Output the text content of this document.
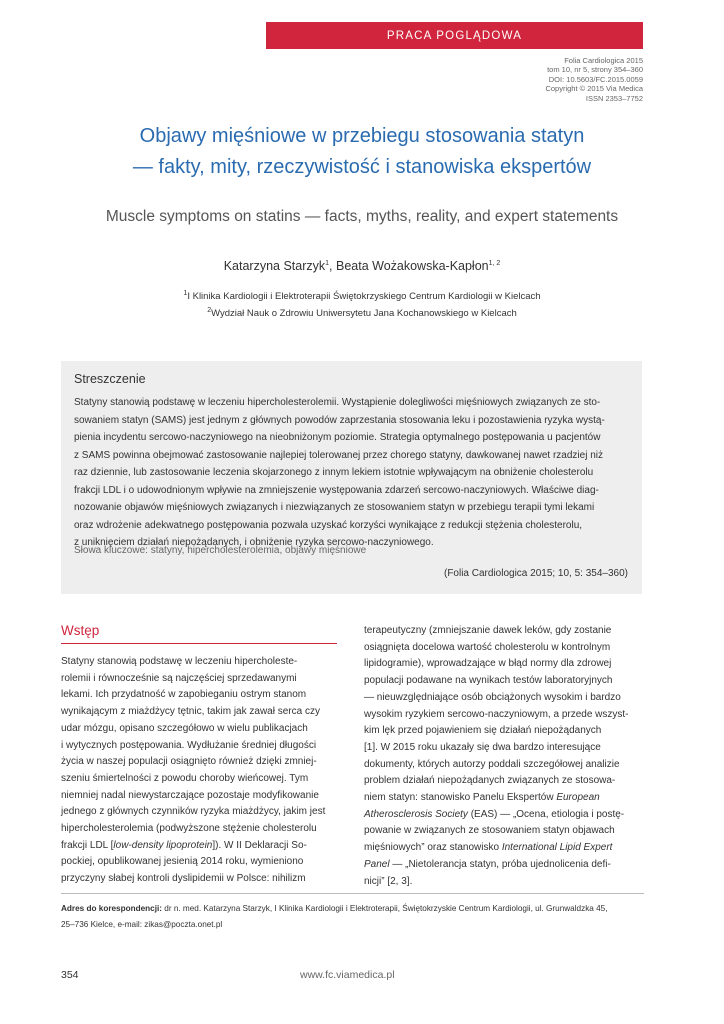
PRACA POGLĄDOWA
Folia Cardiologica 2015
tom 10, nr 5, strony 354–360
DOI: 10.5603/FC.2015.0059
Copyright © 2015 Via Medica
ISSN 2353–7752
Objawy mięśniowe w przebiegu stosowania statyn
— fakty, mity, rzeczywistość i stanowiska ekspertów
Muscle symptoms on statins — facts, myths, reality, and expert statements
Katarzyna Starzyk$^1$, Beata Wożakowska-Kapłon$^{1, 2}$
$^1$I Klinika Kardiologii i Elektroterapii Świętokrzyskiego Centrum Kardiologii w Kielcach
$^2$Wydział Nauk o Zdrowiu Uniwersytetu Jana Kochanowskiego w Kielcach
Streszczenie
Statyny stanowią podstawę w leczeniu hipercholesterolemii. Wystąpienie dolegliwości mięśniowych związanych ze sto-
sowaniem statyn (SAMS) jest jednym z głównych powodów zaprzestania stosowania leku i pozostawienia ryzyka wystą-
pienia incydentu sercowo-naczyniowego na nieobniżonym poziomie. Strategia optymalnego postępowania u pacjentów
z SAMS powinna obejmować zastosowanie najlepiej tolerowanej przez chorego statyny, dawkowanej nawet rzadziej niż
raz dziennie, lub zastosowanie leczenia skojarzonego z innym lekiem istotnie wpływającym na obniżenie cholesterolu
frakcji LDL i o udowodnionym wpływie na zmniejszenie występowania zdarzeń sercowo-naczyniowych. Właściwe diag-
nozowanie objawów mięśniowych związanych i niezwiązanych ze stosowaniem statyn w przebiegu terapii tymi lekami
oraz wdrożenie adekwatnego postępowania pozwala uzyskać korzyści wynikające z redukcji stężenia cholesterolu,
z uniknięciem działań niepożądanych, i obniżenie ryzyka sercowo-naczyniowego.
Słowa kluczowe: statyny, hipercholesterolemia, objawy mięśniowe
(Folia Cardiologica 2015; 10, 5: 354–360)
Wstęp
Statyny stanowią podstawę w leczeniu hipercholeste-
rolemii i równocześnie są najczęściej sprzedawanymi
lekami. Ich przydatność w zapobieganiu ostrym stanom
wynikającym z miażdżycy tętnic, takim jak zawał serca czy
udar mózgu, opisano szczegółowo w wielu publikacjach
i wytycznych postępowania. Wydłużanie średniej długości
życia w naszej populacji osiągnięto również dzięki zmniej-
szeniu śmiertelności z powodu choroby wieńcowej. Tym
niemniej nadal niewystarczające pozostaje modyfikowanie
jednego z głównych czynników ryzyka miażdżycy, jakim jest
hipercholesterolemia (podwyższone stężenie cholesterolu
frakcji LDL [low-density lipoprotein]). W II Deklaracji So-
pockiej, opublikowanej jesienią 2014 roku, wymieniono
przyczyny słabej kontroli dyslipidemii w Polsce: nihilizm
terapeutyczny (zmniejszanie dawek leków, gdy zostanie
osiągnięta docelowa wartość cholesterolu w kontrolnym
lipidogramie), wprowadzające w błąd normy dla zdrowej
populacji podawane na wynikach testów laboratoryjnych
— nieuwzględniające osób obciążonych wysokim i bardzo
wysokim ryzykiem sercowo-naczyniowym, a przede wszyst-
kim lęk przed pojawieniem się działań niepożądanych
[1]. W 2015 roku ukazały się dwa bardzo interesujące
dokumenty, których autorzy poddali szczegółowej analizie
problem działań niepożądanych związanych ze stosowa-
niem statyn: stanowisko Panelu Ekspertów European
Atherosclerosis Society (EAS) — „Ocena, etiologia i postę-
powanie w związanych ze stosowaniem statyn objawach
mięśniowych” oraz stanowisko International Lipid Expert
Panel — „Nietolerancja statyn, próba ujednolicenia defi-
nicji” [2, 3].
Adres do korespondencji: dr n. med. Katarzyna Starzyk, I Klinika Kardiologii i Elektroterapii, Świętokrzyskie Centrum Kardiologii, ul. Grunwaldzka 45,
25–736 Kielce, e-mail: zikas@poczta.onet.pl
354	www.fc.viamedica.pl
